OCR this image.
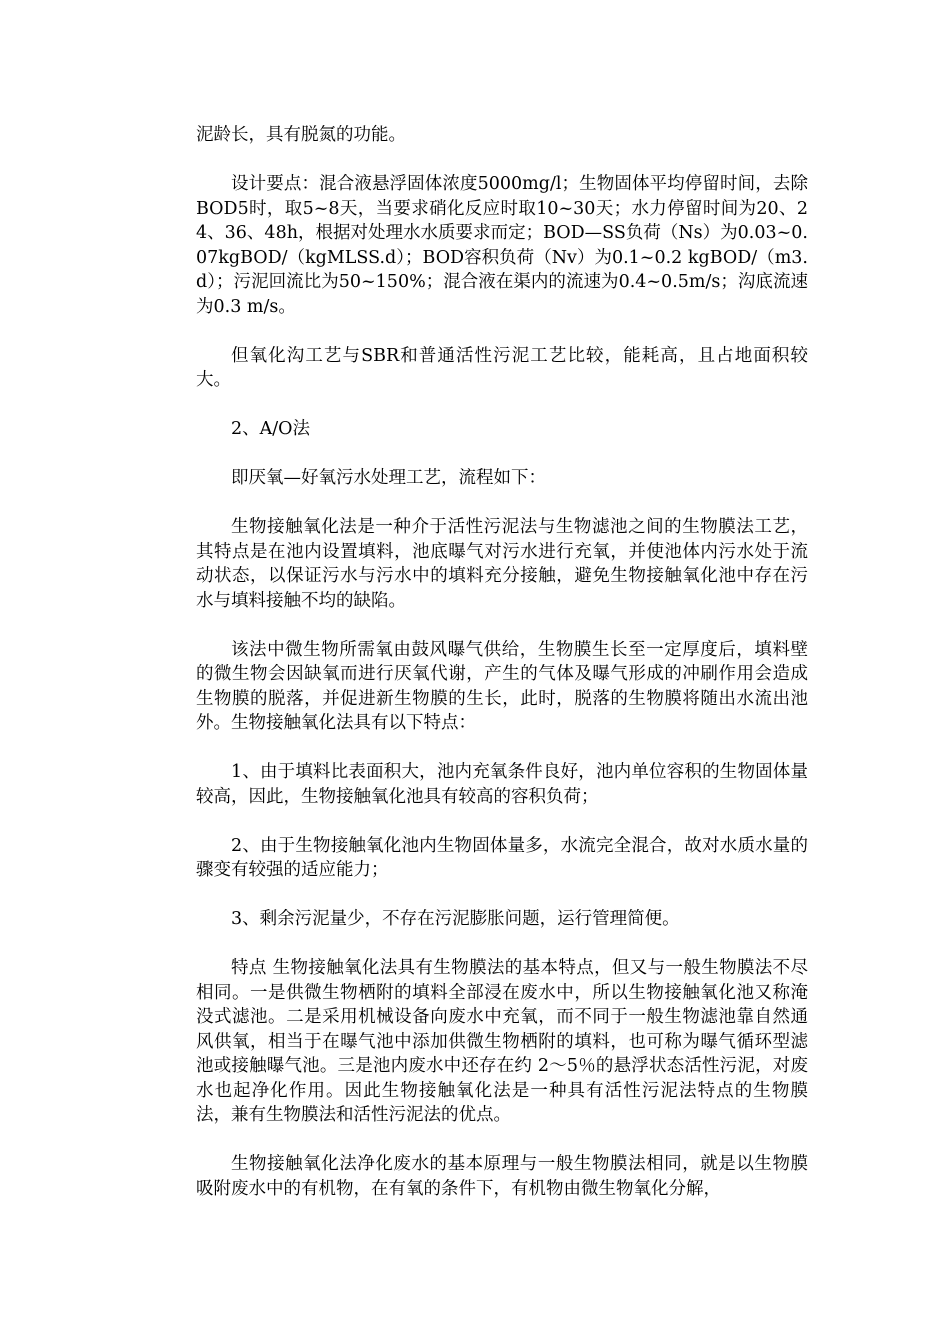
泥龄长，具有脱氮的功能。

设计要点：混合液悬浮固体浓度5000mg/l；生物固体平均停留时间，去除BOD5时，取5~8天，当要求硝化反应时取10~30天；水力停留时间为20、24、36、48h，根据对处理水水质要求而定；BOD—SS负荷（Ns）为0.03~0.07kgBOD/（kgMLSS.d）；BOD容积负荷（Nv）为0.1~0.2 kgBOD/（m3.d）；污泥回流比为50~150%；混合液在渠内的流速为0.4~0.5m/s；沟底流速为0.3 m/s。

但氧化沟工艺与SBR和普通活性污泥工艺比较，能耗高，且占地面积较大。

2、A/O法

即厌氧—好氧污水处理工艺，流程如下：

生物接触氧化法是一种介于活性污泥法与生物滤池之间的生物膜法工艺，其特点是在池内设置填料，池底曝气对污水进行充氧，并使池体内污水处于流动状态，以保证污水与污水中的填料充分接触，避免生物接触氧化池中存在污水与填料接触不均的缺陷。

该法中微生物所需氧由鼓风曝气供给，生物膜生长至一定厚度后，填料壁的微生物会因缺氧而进行厌氧代谢，产生的气体及曝气形成的冲刷作用会造成生物膜的脱落，并促进新生物膜的生长，此时，脱落的生物膜将随出水流出池外。生物接触氧化法具有以下特点：

1、由于填料比表面积大，池内充氧条件良好，池内单位容积的生物固体量较高，因此，生物接触氧化池具有较高的容积负荷；

2、由于生物接触氧化池内生物固体量多，水流完全混合，故对水质水量的骤变有较强的适应能力；

3、剩余污泥量少，不存在污泥膨胀问题，运行管理简便。

特点 生物接触氧化法具有生物膜法的基本特点，但又与一般生物膜法不尽相同。一是供微生物栖附的填料全部浸在废水中，所以生物接触氧化池又称淹没式滤池。二是采用机械设备向废水中充氧，而不同于一般生物滤池靠自然通风供氧，相当于在曝气池中添加供微生物栖附的填料，也可称为曝气循环型滤池或接触曝气池。三是池内废水中还存在约 2～5％的悬浮状态活性污泥，对废水也起净化作用。因此生物接触氧化法是一种具有活性污泥法特点的生物膜法，兼有生物膜法和活性污泥法的优点。

生物接触氧化法净化废水的基本原理与一般生物膜法相同，就是以生物膜吸附废水中的有机物，在有氧的条件下，有机物由微生物氧化分解，
